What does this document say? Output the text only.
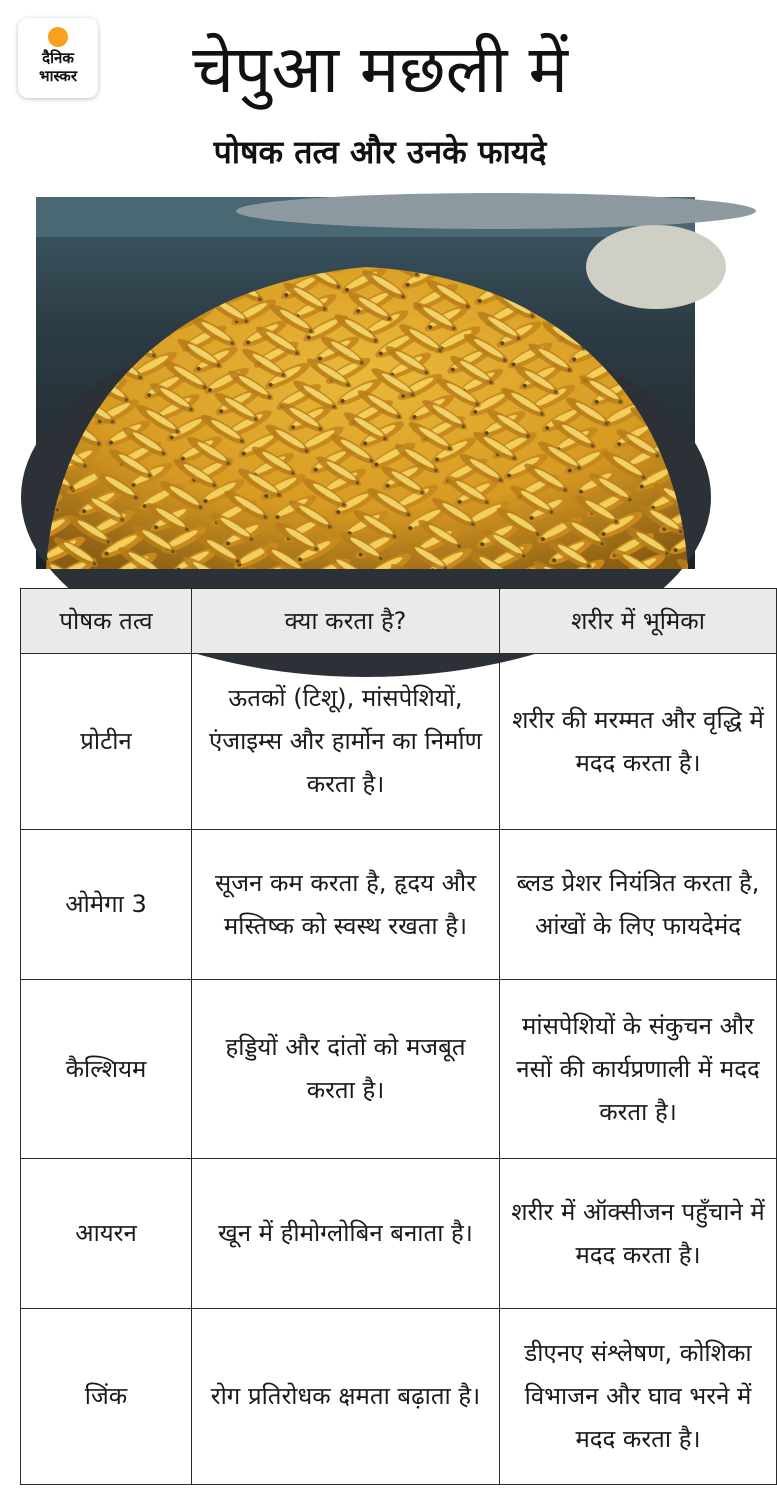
दैनिक
भास्कर	चेपुआ मछली में
पोषक तत्व और उनके फायदे
पोषक तत्व	क्या करता है?	शरीर में भूमिका
प्रोटीन	ऊतकों (टिशू), मांसपेशियों, एंजाइम्स और हार्मोन का निर्माण करता है।	शरीर की मरम्मत और वृद्धि में मदद करता है।
ओमेगा 3	सूजन कम करता है, हृदय और मस्तिष्क को स्वस्थ रखता है।	ब्लड प्रेशर नियंत्रित करता है, आंखों के लिए फायदेमंद
कैल्शियम	हड्डियों और दांतों को मजबूत करता है।	मांसपेशियों के संकुचन और नसों की कार्यप्रणाली में मदद करता है।
आयरन	खून में हीमोग्लोबिन बनाता है।	शरीर में ऑक्सीजन पहुँचाने में मदद करता है।
जिंक	रोग प्रतिरोधक क्षमता बढ़ाता है।	डीएनए संश्लेषण, कोशिका विभाजन और घाव भरने में मदद करता है।
